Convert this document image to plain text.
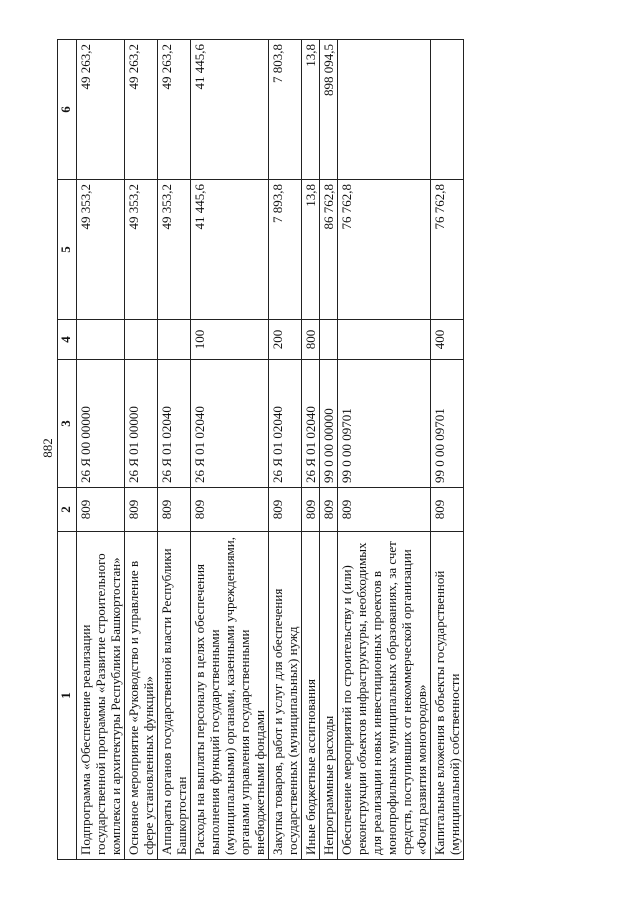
882
1	2	3	4	5	6
Подпрограмма «Обеспечение реализации государственной программы «Развитие строительного комплекса и архитектуры Республики Башкортостан»	809	26 Я 00 00000		49 353,2	49 263,2
Основное мероприятие «Руководство и управление в сфере установленных функций»	809	26 Я 01 00000		49 353,2	49 263,2
Аппараты органов государственной власти Республики Башкортостан	809	26 Я 01 02040		49 353,2	49 263,2
Расходы на выплаты персоналу в целях обеспечения выполнения функций государственными (муниципальными) органами, казенными учреждениями, органами управления государственными внебюджетными фондами	809	26 Я 01 02040	100	41 445,6	41 445,6
Закупка товаров, работ и услуг для обеспечения государственных (муниципальных) нужд	809	26 Я 01 02040	200	7 893,8	7 803,8
Иные бюджетные ассигнования	809	26 Я 01 02040	800	13,8	13,8
Непрограммные расходы	809	99 0 00 00000		86 762,8	898 094,5
Обеспечение мероприятий по строительству и (или) реконструкции объектов инфраструктуры, необходимых для реализации новых инвестиционных проектов в монопрофильных муниципальных образованиях, за счет средств, поступивших от некоммерческой организации «Фонд развития моногородов»	809	99 0 00 09701		76 762,8	
Капитальные вложения в объекты государственной (муниципальной) собственности	809	99 0 00 09701	400	76 762,8	
